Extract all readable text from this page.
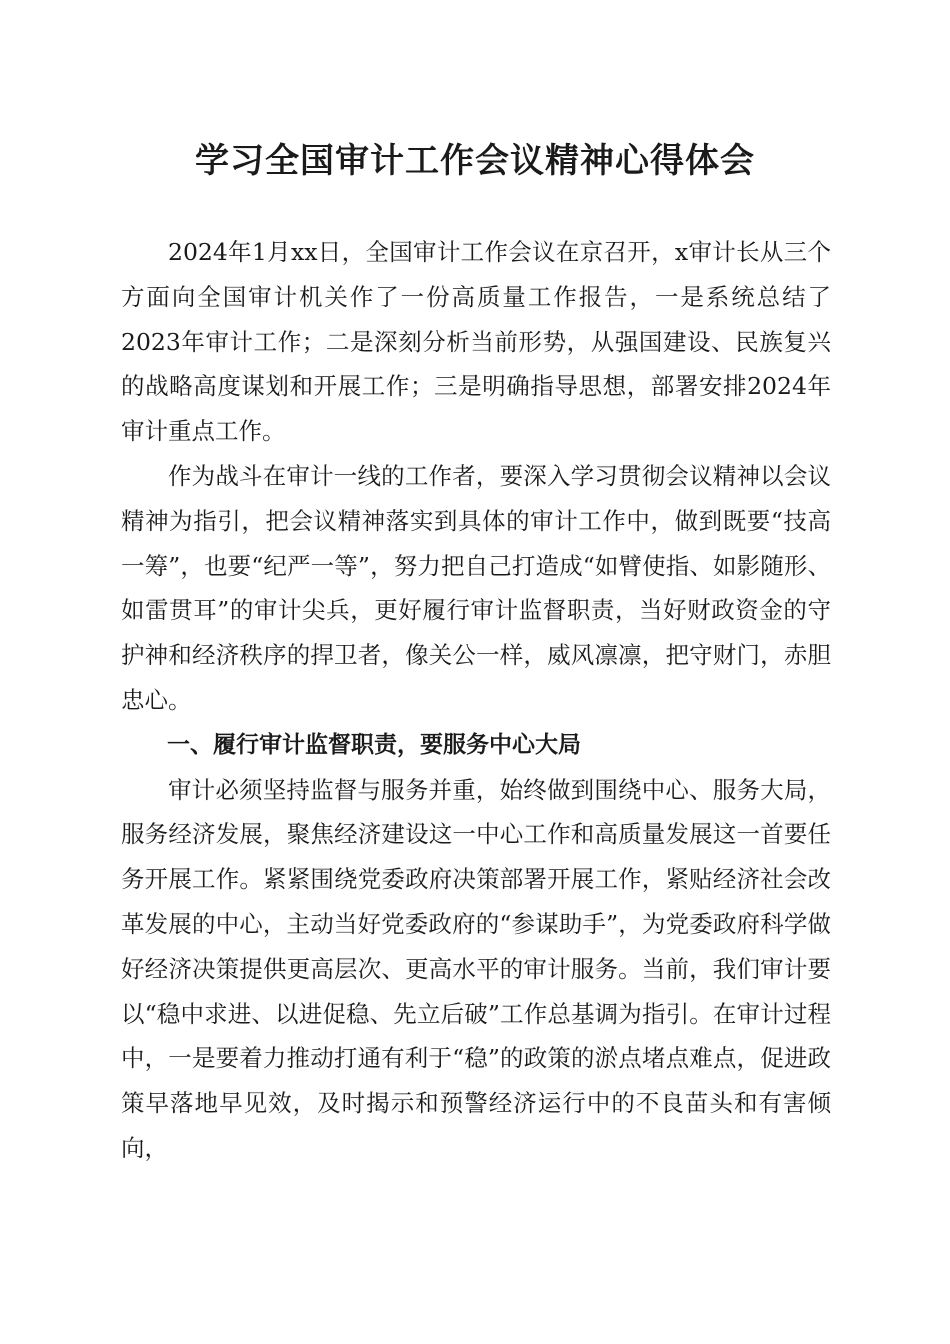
学习全国审计工作会议精神心得体会

2024年1月xx日，全国审计工作会议在京召开，x审计长从三个方面向全国审计机关作了一份高质量工作报告，一是系统总结了2023年审计工作；二是深刻分析当前形势，从强国建设、民族复兴的战略高度谋划和开展工作；三是明确指导思想，部署安排2024年审计重点工作。

作为战斗在审计一线的工作者，要深入学习贯彻会议精神以会议精神为指引，把会议精神落实到具体的审计工作中，做到既要“技高一筹”，也要“纪严一等”，努力把自己打造成“如臂使指、如影随形、如雷贯耳”的审计尖兵，更好履行审计监督职责，当好财政资金的守护神和经济秩序的捍卫者，像关公一样，威风凛凛，把守财门，赤胆忠心。

一、履行审计监督职责，要服务中心大局

审计必须坚持监督与服务并重，始终做到围绕中心、服务大局，服务经济发展，聚焦经济建设这一中心工作和高质量发展这一首要任务开展工作。紧紧围绕党委政府决策部署开展工作，紧贴经济社会改革发展的中心，主动当好党委政府的“参谋助手”，为党委政府科学做好经济决策提供更高层次、更高水平的审计服务。当前，我们审计要以“稳中求进、以进促稳、先立后破”工作总基调为指引。在审计过程中，一是要着力推动打通有利于“稳”的政策的淤点堵点难点，促进政策早落地早见效，及时揭示和预警经济运行中的不良苗头和有害倾向，
